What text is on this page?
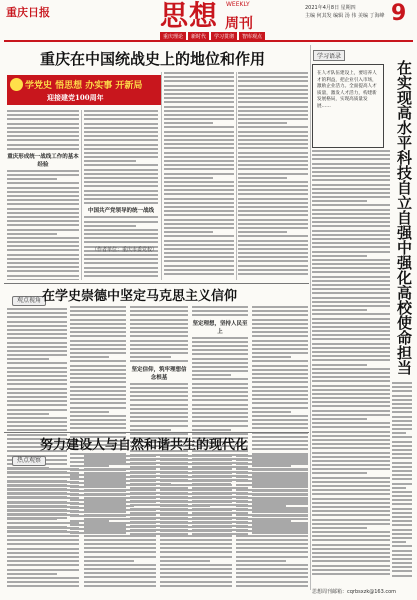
重庆日报	思想 WEEKLY
周刊
2021年4月8日 星期四
主编 何其发 编辑 汤 伟 美编 丁海峰 9
重庆理论	新时代	学习贯彻	智库观点
重庆在中国统战史上的地位和作用
学党史 悟思想 办实事 开新局
迎接建党100周年
重庆形成统一战线工作的基本经验
中国共产党领导的统一战线
（作者单位：重庆市委党校）
观点视角 在学史崇德中坚定马克思主义信仰
坚定信仰，筑牢理想信念根基
坚定理想，坚持人民至上
热点观察
努力建设人与自然和谐共生的现代化
学习语录
在人才队伍建设上，要培养人才的利益，把企业引入市场，激励企业活力。全面提高人才质量，激发人才活力，构建新发展格局，实现高质量发展……	在实现高水平科技自立自强中强化高校使命担当
思想周刊邮箱：cqrbsxzk@163.com
